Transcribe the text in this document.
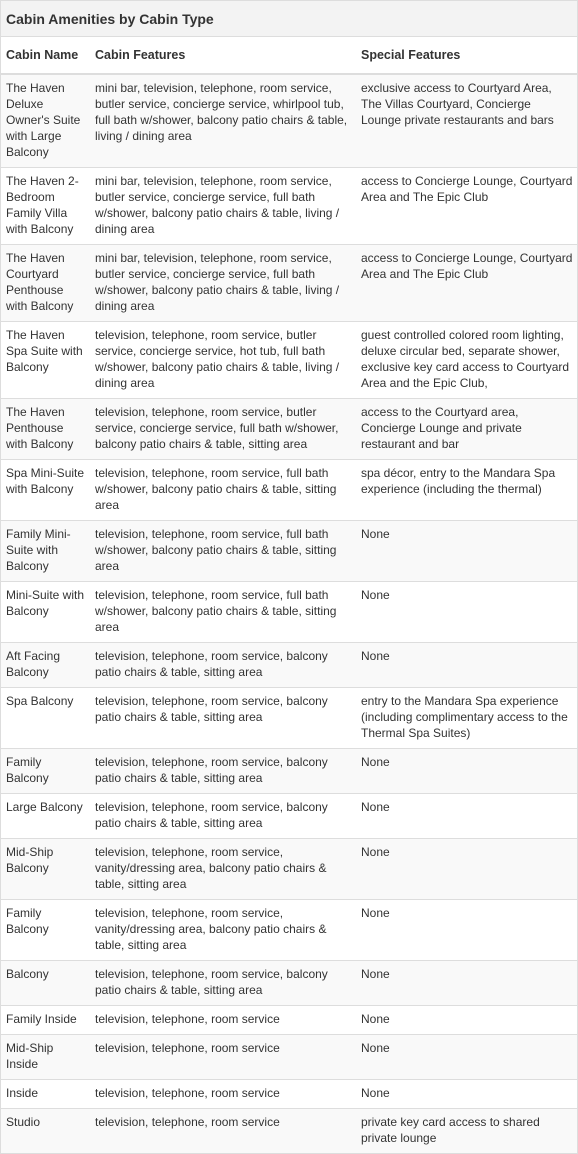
Cabin Amenities by Cabin Type
Cabin Name	Cabin Features	Special Features
The Haven Deluxe Owner's Suite with Large Balcony	mini bar, television, telephone, room service, butler service, concierge service, whirlpool tub, full bath w/shower, balcony patio chairs & table, living / dining area	exclusive access to Courtyard Area, The Villas Courtyard, Concierge Lounge private restaurants and bars
The Haven 2-Bedroom Family Villa with Balcony	mini bar, television, telephone, room service, butler service, concierge service, full bath w/shower, balcony patio chairs & table, living / dining area	access to Concierge Lounge, Courtyard Area and The Epic Club
The Haven Courtyard Penthouse with Balcony	mini bar, television, telephone, room service, butler service, concierge service, full bath w/shower, balcony patio chairs & table, living / dining area	access to Concierge Lounge, Courtyard Area and The Epic Club
The Haven Spa Suite with Balcony	television, telephone, room service, butler service, concierge service, hot tub, full bath w/shower, balcony patio chairs & table, living / dining area	guest controlled colored room lighting, deluxe circular bed, separate shower, exclusive key card access to Courtyard Area and the Epic Club,
The Haven Penthouse with Balcony	television, telephone, room service, butler service, concierge service, full bath w/shower, balcony patio chairs & table, sitting area	access to the Courtyard area, Concierge Lounge and private restaurant and bar
Spa Mini-Suite with Balcony	television, telephone, room service, full bath w/shower, balcony patio chairs & table, sitting area	spa décor, entry to the Mandara Spa experience (including the thermal)
Family Mini-Suite with Balcony	television, telephone, room service, full bath w/shower, balcony patio chairs & table, sitting area	None
Mini-Suite with Balcony	television, telephone, room service, full bath w/shower, balcony patio chairs & table, sitting area	None
Aft Facing Balcony	television, telephone, room service, balcony patio chairs & table, sitting area	None
Spa Balcony	television, telephone, room service, balcony patio chairs & table, sitting area	entry to the Mandara Spa experience (including complimentary access to the Thermal Spa Suites)
Family Balcony	television, telephone, room service, balcony patio chairs & table, sitting area	None
Large Balcony	television, telephone, room service, balcony patio chairs & table, sitting area	None
Mid-Ship Balcony	television, telephone, room service, vanity/dressing area, balcony patio chairs & table, sitting area	None
Family Balcony	television, telephone, room service, vanity/dressing area, balcony patio chairs & table, sitting area	None
Balcony	television, telephone, room service, balcony patio chairs & table, sitting area	None
Family Inside	television, telephone, room service	None
Mid-Ship Inside	television, telephone, room service	None
Inside	television, telephone, room service	None
Studio	television, telephone, room service	private key card access to shared private lounge
